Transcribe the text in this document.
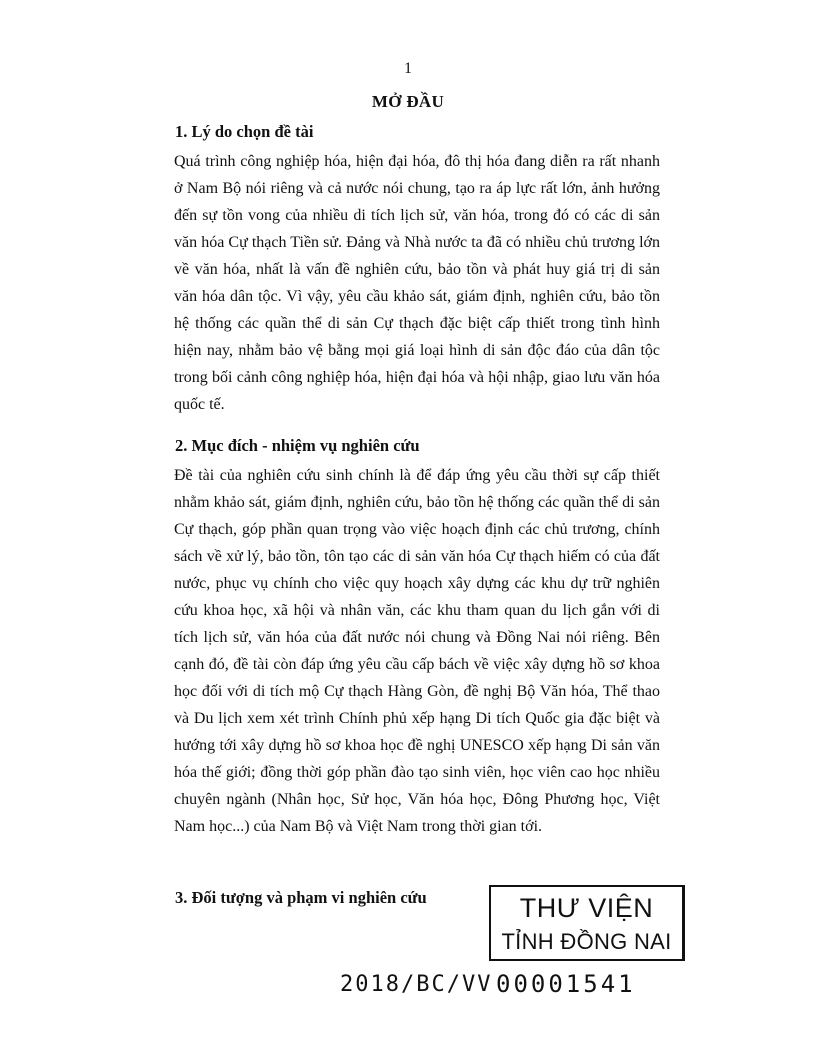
1
MỞ ĐẦU
1. Lý do chọn đề tài

Quá trình công nghiệp hóa, hiện đại hóa, đô thị hóa đang diễn ra rất nhanh ở Nam Bộ nói riêng và cả nước nói chung, tạo ra áp lực rất lớn, ảnh hưởng đến sự tồn vong của nhiều di tích lịch sử, văn hóa, trong đó có các di sản văn hóa Cự thạch Tiền sử. Đảng và Nhà nước ta đã có nhiều chủ trương lớn về văn hóa, nhất là vấn đề nghiên cứu, bảo tồn và phát huy giá trị di sản văn hóa dân tộc. Vì vậy, yêu cầu khảo sát, giám định, nghiên cứu, bảo tồn hệ thống các quần thể di sản Cự thạch đặc biệt cấp thiết trong tình hình hiện nay, nhằm bảo vệ bằng mọi giá loại hình di sản độc đáo của dân tộc trong bối cảnh công nghiệp hóa, hiện đại hóa và hội nhập, giao lưu văn hóa quốc tế.

2. Mục đích - nhiệm vụ nghiên cứu

Đề tài của nghiên cứu sinh chính là để đáp ứng yêu cầu thời sự cấp thiết nhằm khảo sát, giám định, nghiên cứu, bảo tồn hệ thống các quần thể di sản Cự thạch, góp phần quan trọng vào việc hoạch định các chủ trương, chính sách về xử lý, bảo tồn, tôn tạo các di sản văn hóa Cự thạch hiếm có của đất nước, phục vụ chính cho việc quy hoạch xây dựng các khu dự trữ nghiên cứu khoa học, xã hội và nhân văn, các khu tham quan du lịch gắn với di tích lịch sử, văn hóa của đất nước nói chung và Đồng Nai nói riêng. Bên cạnh đó, đề tài còn đáp ứng yêu cầu cấp bách về việc xây dựng hồ sơ khoa học đối với di tích mộ Cự thạch Hàng Gòn, đề nghị Bộ Văn hóa, Thể thao và Du lịch xem xét trình Chính phủ xếp hạng Di tích Quốc gia đặc biệt và hướng tới xây dựng hồ sơ khoa học đề nghị UNESCO xếp hạng Di sản văn hóa thế giới; đồng thời góp phần đào tạo sinh viên, học viên cao học nhiều chuyên ngành (Nhân học, Sử học, Văn hóa học, Đông Phương học, Việt Nam học...) của Nam Bộ và Việt Nam trong thời gian tới.

3. Đối tượng và phạm vi nghiên cứu	THƯ VIỆN
TỈNH ĐỒNG NAI
2018/BC/VV 00001541
